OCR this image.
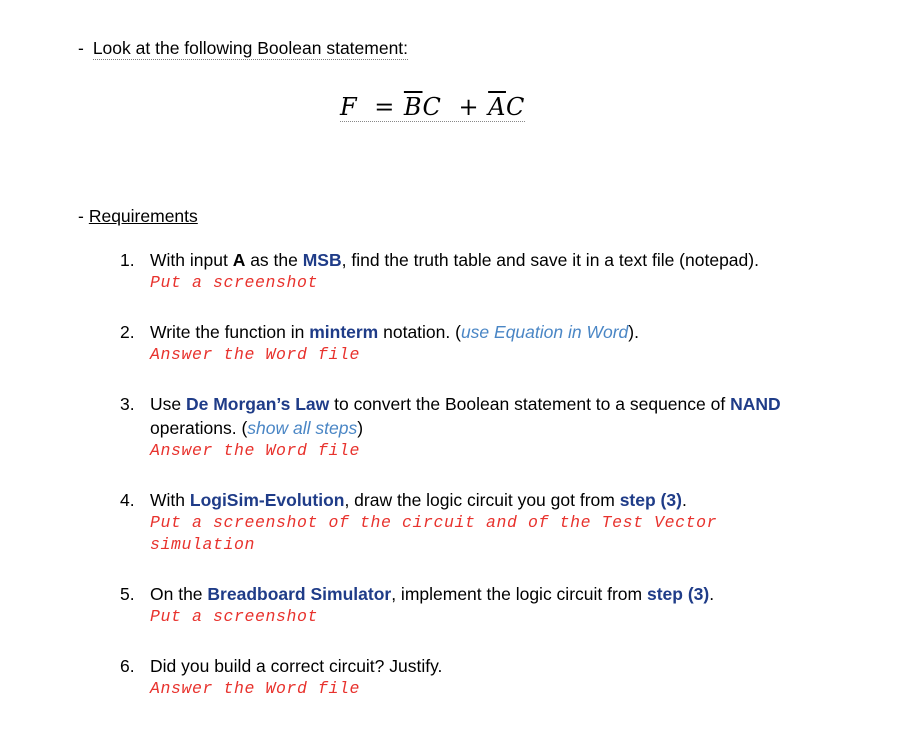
- Look at the following Boolean statement:
$F = \overline{B}C + \overline{A}C$
- Requirements
1. With input A as the MSB, find the truth table and save it in a text file (notepad).
Put a screenshot
2. Write the function in minterm notation. (use Equation in Word).
Answer the Word file
3. Use De Morgan’s Law to convert the Boolean statement to a sequence of NAND operations. (show all steps)
Answer the Word file
4. With LogiSim-Evolution, draw the logic circuit you got from step (3).
Put a screenshot of the circuit and of the Test Vector simulation
5. On the Breadboard Simulator, implement the logic circuit from step (3).
Put a screenshot
6. Did you build a correct circuit? Justify.
Answer the Word file
